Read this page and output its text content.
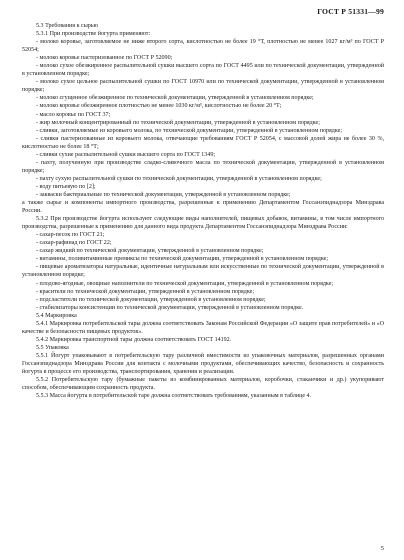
ГОСТ Р 51331—99

5.3 Требования к сырью

5.3.1 При производстве йогурта применяют:

- молоко коровье, заготовляемое не ниже второго сорта, кислотностью не более 19 °Т, плотностью не менее 1027 кг/м³ по ГОСТ Р 52054;

- молоко коровье пастеризованное по ГОСТ Р 52090;

- молоко сухое обезжиренное распылительной сушки высшего сорта по ГОСТ 4495 или по технической документации, утвержденной в установленном порядке;

- молоко сухое цельное распылительной сушки по ГОСТ 10970 или по технической документации, утвержденной в установленном порядке;

- молоко сгущенное обезжиренное по технической документации, утвержденной в установленном порядке;

- молоко коровье обезжиренное плотностью не менее 1030 кг/м³, кислотностью не более 20 °Т;

- масло коровье по ГОСТ 37;

- жир молочный концентрированный по технической документации, утвержденной в установленном порядке;

- сливки, заготовляемые из коровьего молока, по технической документации, утвержденной в установленном порядке;

- сливки пастеризованные из коровьего молока, отвечающие требованиям ГОСТ Р 52054, с массовой долей жира не более 30 %, кислотностью не более 18 °Т;

- сливки сухие распылительной сушки высшего сорта по ГОСТ 1349;

- пахту, полученную при производстве сладко-сливочного масла по технической документации, утвержденной в установленном порядке;

- пахту сухую распылительной сушки по технической документации, утвержденной в установленном порядке;

- воду питьевую по [2];

- закваски бактериальные по технической документации, утвержденной в установленном порядке;

а также сырье и компоненты импортного производства, разрешенные к применению Департаментом Госсанэпиднадзора Минздрава России.

5.3.2 При производстве йогурта используют следующие виды наполнителей, пищевых добавок, витамины, в том числе импортного производства, разрешенные к применению для данного вида продукта Департаментом Госсанэпиднадзора Минздрава России:

- сахар-песок по ГОСТ 21;

- сахар-рафинад по ГОСТ 22;

- сахар жидкий по технической документации, утвержденной в установленном порядке;

- витамины, поливитаминные премиксы по технической документации, утвержденной в установленном порядке;

- пищевые ароматизаторы натуральные, идентичные натуральным или искусственные по технической документации, утвержденной в установленном порядке;

- плодово-ягодные, овощные наполнители по технической документации, утвержденной в установленном порядке;

- красители по технической документации, утвержденной в установленном порядке;

- подсластители по технической документации, утвержденной в установленном порядке;

- стабилизаторы консистенции по технической документации, утвержденной в установленном порядке.

5.4 Маркировка

5.4.1 Маркировка потребительской тары должна соответствовать Законам Российской Федерации «О защите прав потребителей» и «О качестве и безопасности пищевых продуктов».

5.4.2 Маркировка транспортной тары должна соответствовать ГОСТ 14192.

5.5 Упаковка

5.5.1 Йогурт упаковывают в потребительскую тару различной вместимости из упаковочных материалов, разрешенных органами Госсанэпиднадзора Минздрава России для контакта с молочными продуктами, обеспечивающих качество, безопасность и сохранность йогурта в процессе его производства, транспортирования, хранения и реализации.

5.5.2 Потребительскую тару (бумажные пакеты из комбинированных материалов, коробочки, стаканчики и др.) укупоривают способом, обеспечивающим сохранность продукта.

5.5.3 Масса йогурта в потребительской таре должна соответствовать требованиям, указанным в таблице 4.

5
